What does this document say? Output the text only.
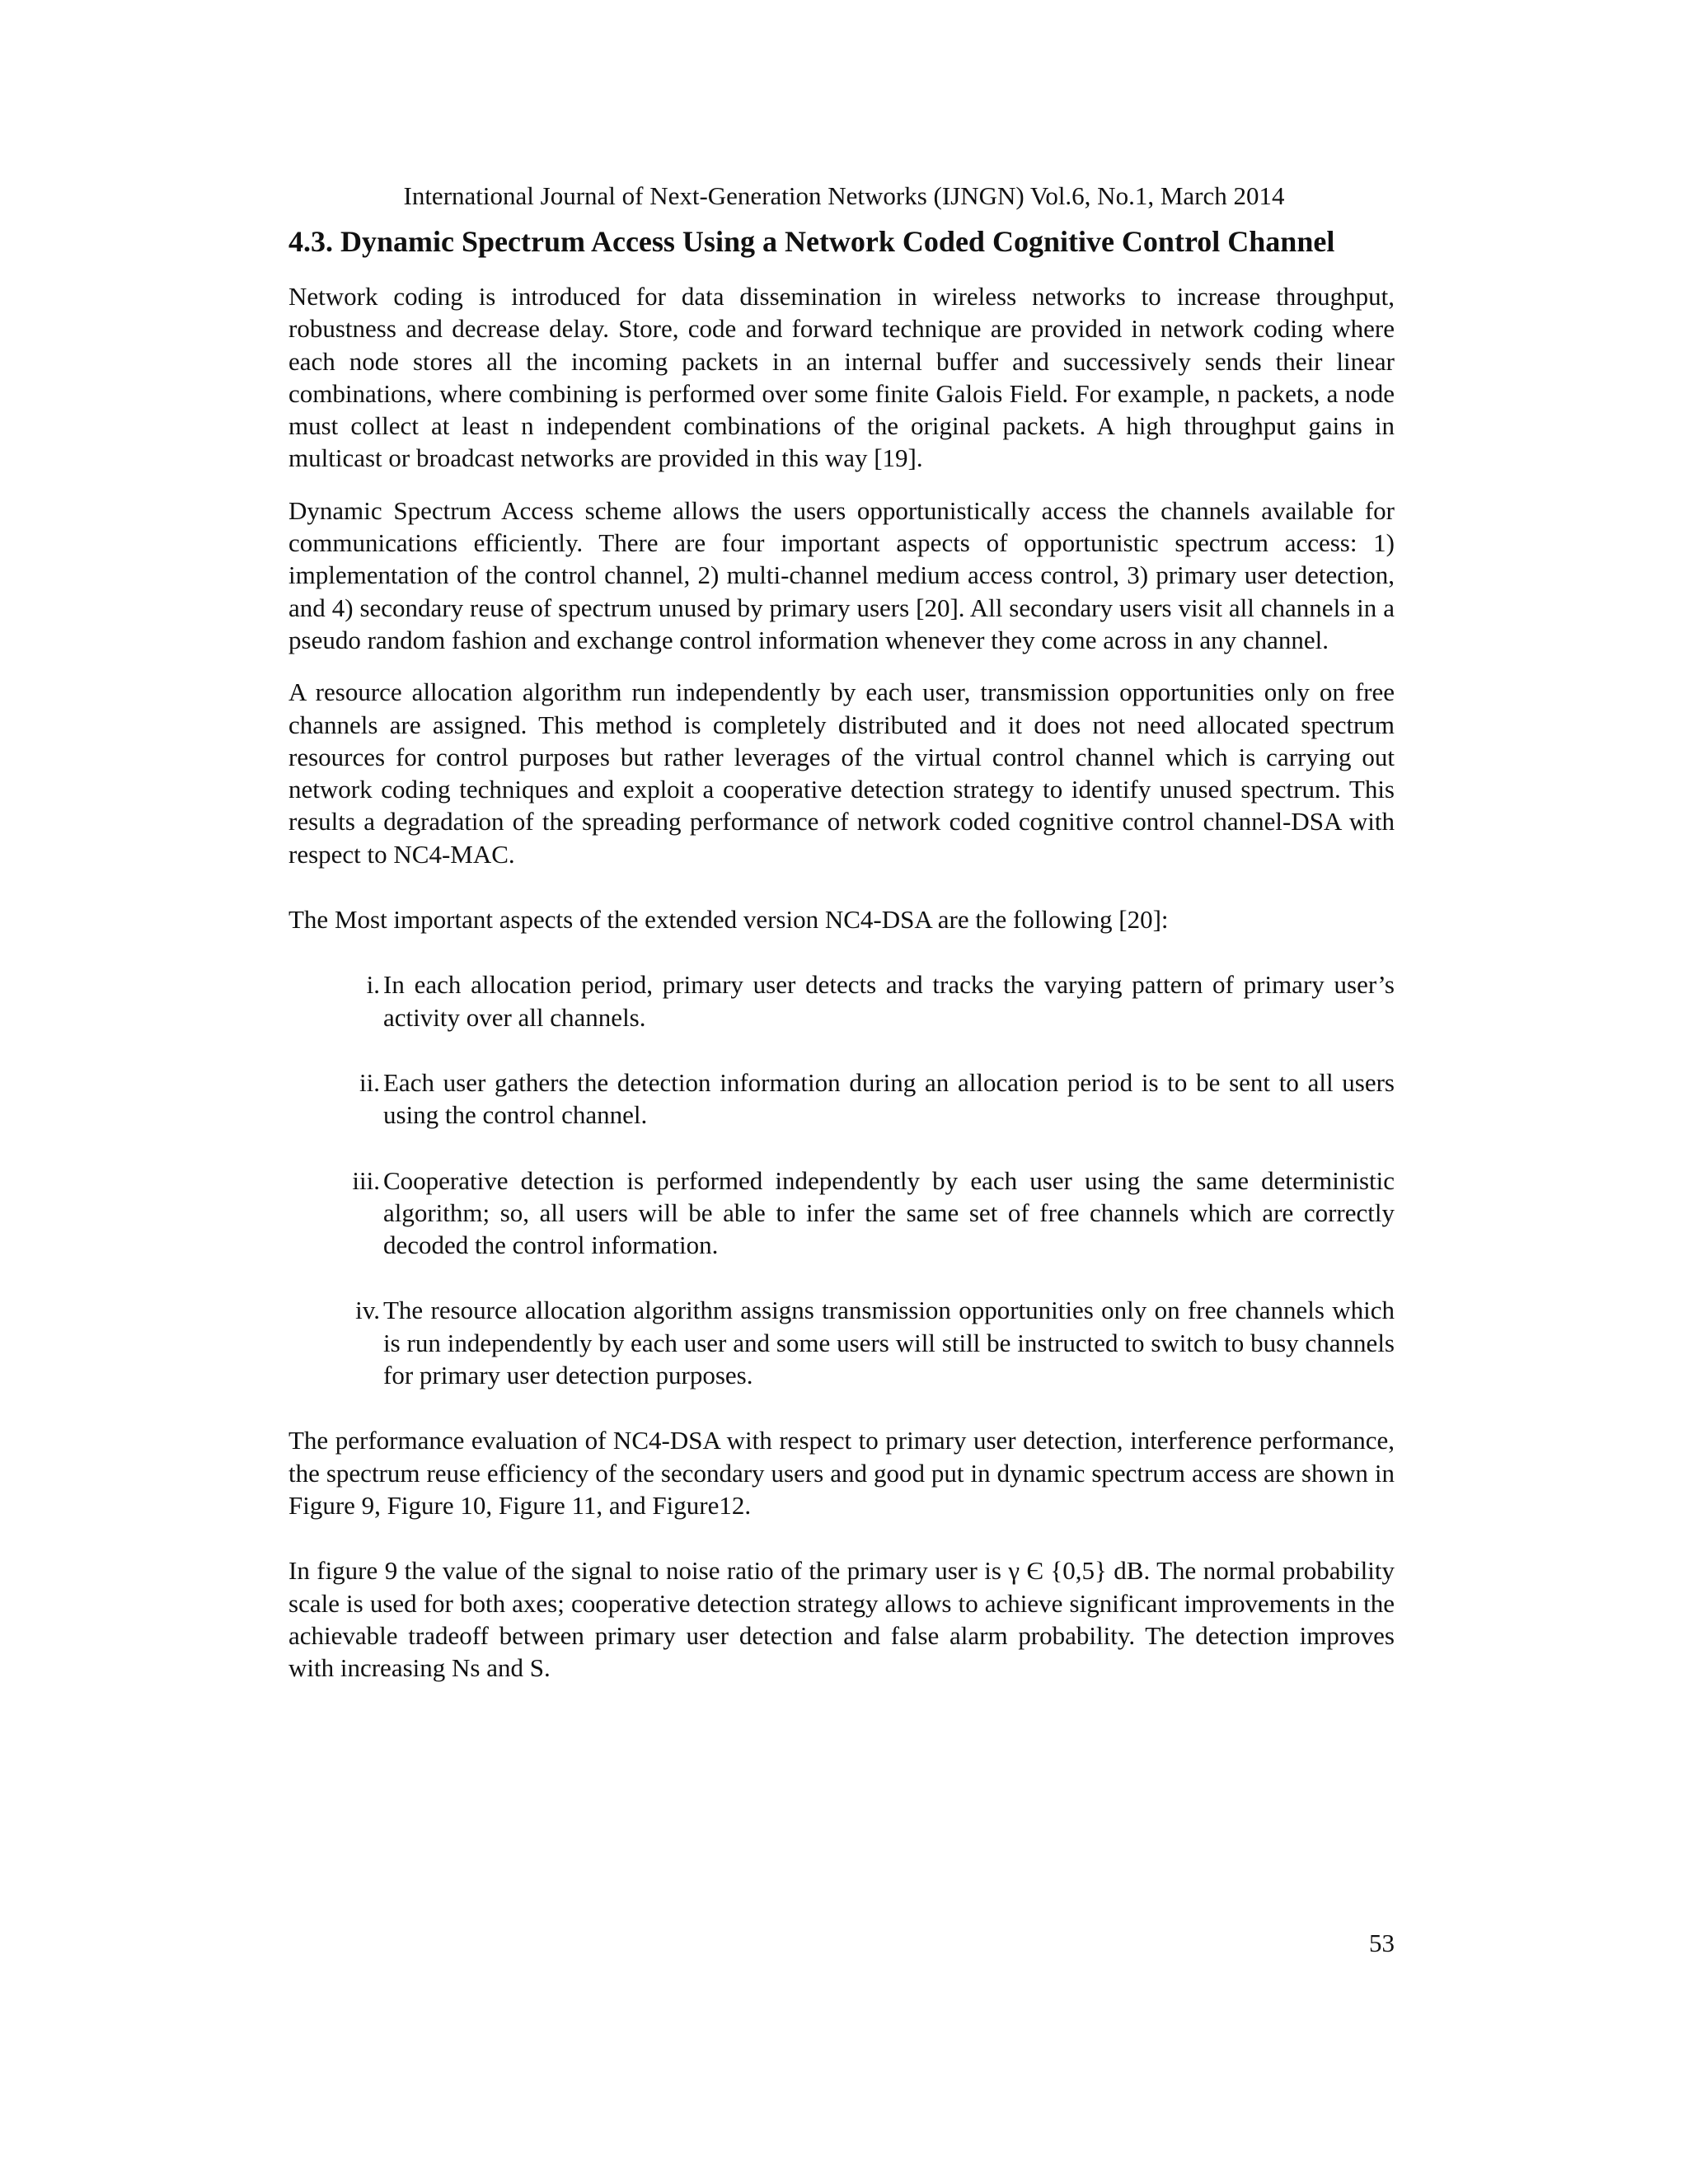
International Journal of Next-Generation Networks (IJNGN) Vol.6, No.1, March 2014
4.3. Dynamic Spectrum Access Using a Network Coded Cognitive Control Channel

Network coding is introduced for data dissemination in wireless networks to increase throughput, robustness and decrease delay. Store, code and forward technique are provided in network coding where each node stores all the incoming packets in an internal buffer and successively sends their linear combinations, where combining is performed over some finite Galois Field. For example, n packets, a node must collect at least n independent combinations of the original packets. A high throughput gains in multicast or broadcast networks are provided in this way [19].

Dynamic Spectrum Access scheme allows the users opportunistically access the channels available for communications efficiently. There are four important aspects of opportunistic spectrum access: 1) implementation of the control channel, 2) multi-channel medium access control, 3) primary user detection, and 4) secondary reuse of spectrum unused by primary users [20]. All secondary users visit all channels in a pseudo random fashion and exchange control information whenever they come across in any channel.

A resource allocation algorithm run independently by each user, transmission opportunities only on free channels are assigned. This method is completely distributed and it does not need allocated spectrum resources for control purposes but rather leverages of the virtual control channel which is carrying out network coding techniques and exploit a cooperative detection strategy to identify unused spectrum. This results a degradation of the spreading performance of network coded cognitive control channel-DSA with respect to NC4-MAC.

The Most important aspects of the extended version NC4-DSA are the following [20]:

i. In each allocation period, primary user detects and tracks the varying pattern of primary user’s activity over all channels.
ii. Each user gathers the detection information during an allocation period is to be sent to all users using the control channel.
iii. Cooperative detection is performed independently by each user using the same deterministic algorithm; so, all users will be able to infer the same set of free channels which are correctly decoded the control information.
iv. The resource allocation algorithm assigns transmission opportunities only on free channels which is run independently by each user and some users will still be instructed to switch to busy channels for primary user detection purposes.

The performance evaluation of NC4-DSA with respect to primary user detection, interference performance, the spectrum reuse efficiency of the secondary users and good put in dynamic spectrum access are shown in Figure 9, Figure 10, Figure 11, and Figure12.

In figure 9 the value of the signal to noise ratio of the primary user is γ Є {0,5} dB. The normal probability scale is used for both axes; cooperative detection strategy allows to achieve significant improvements in the achievable tradeoff between primary user detection and false alarm probability. The detection improves with increasing Ns and S.

53
